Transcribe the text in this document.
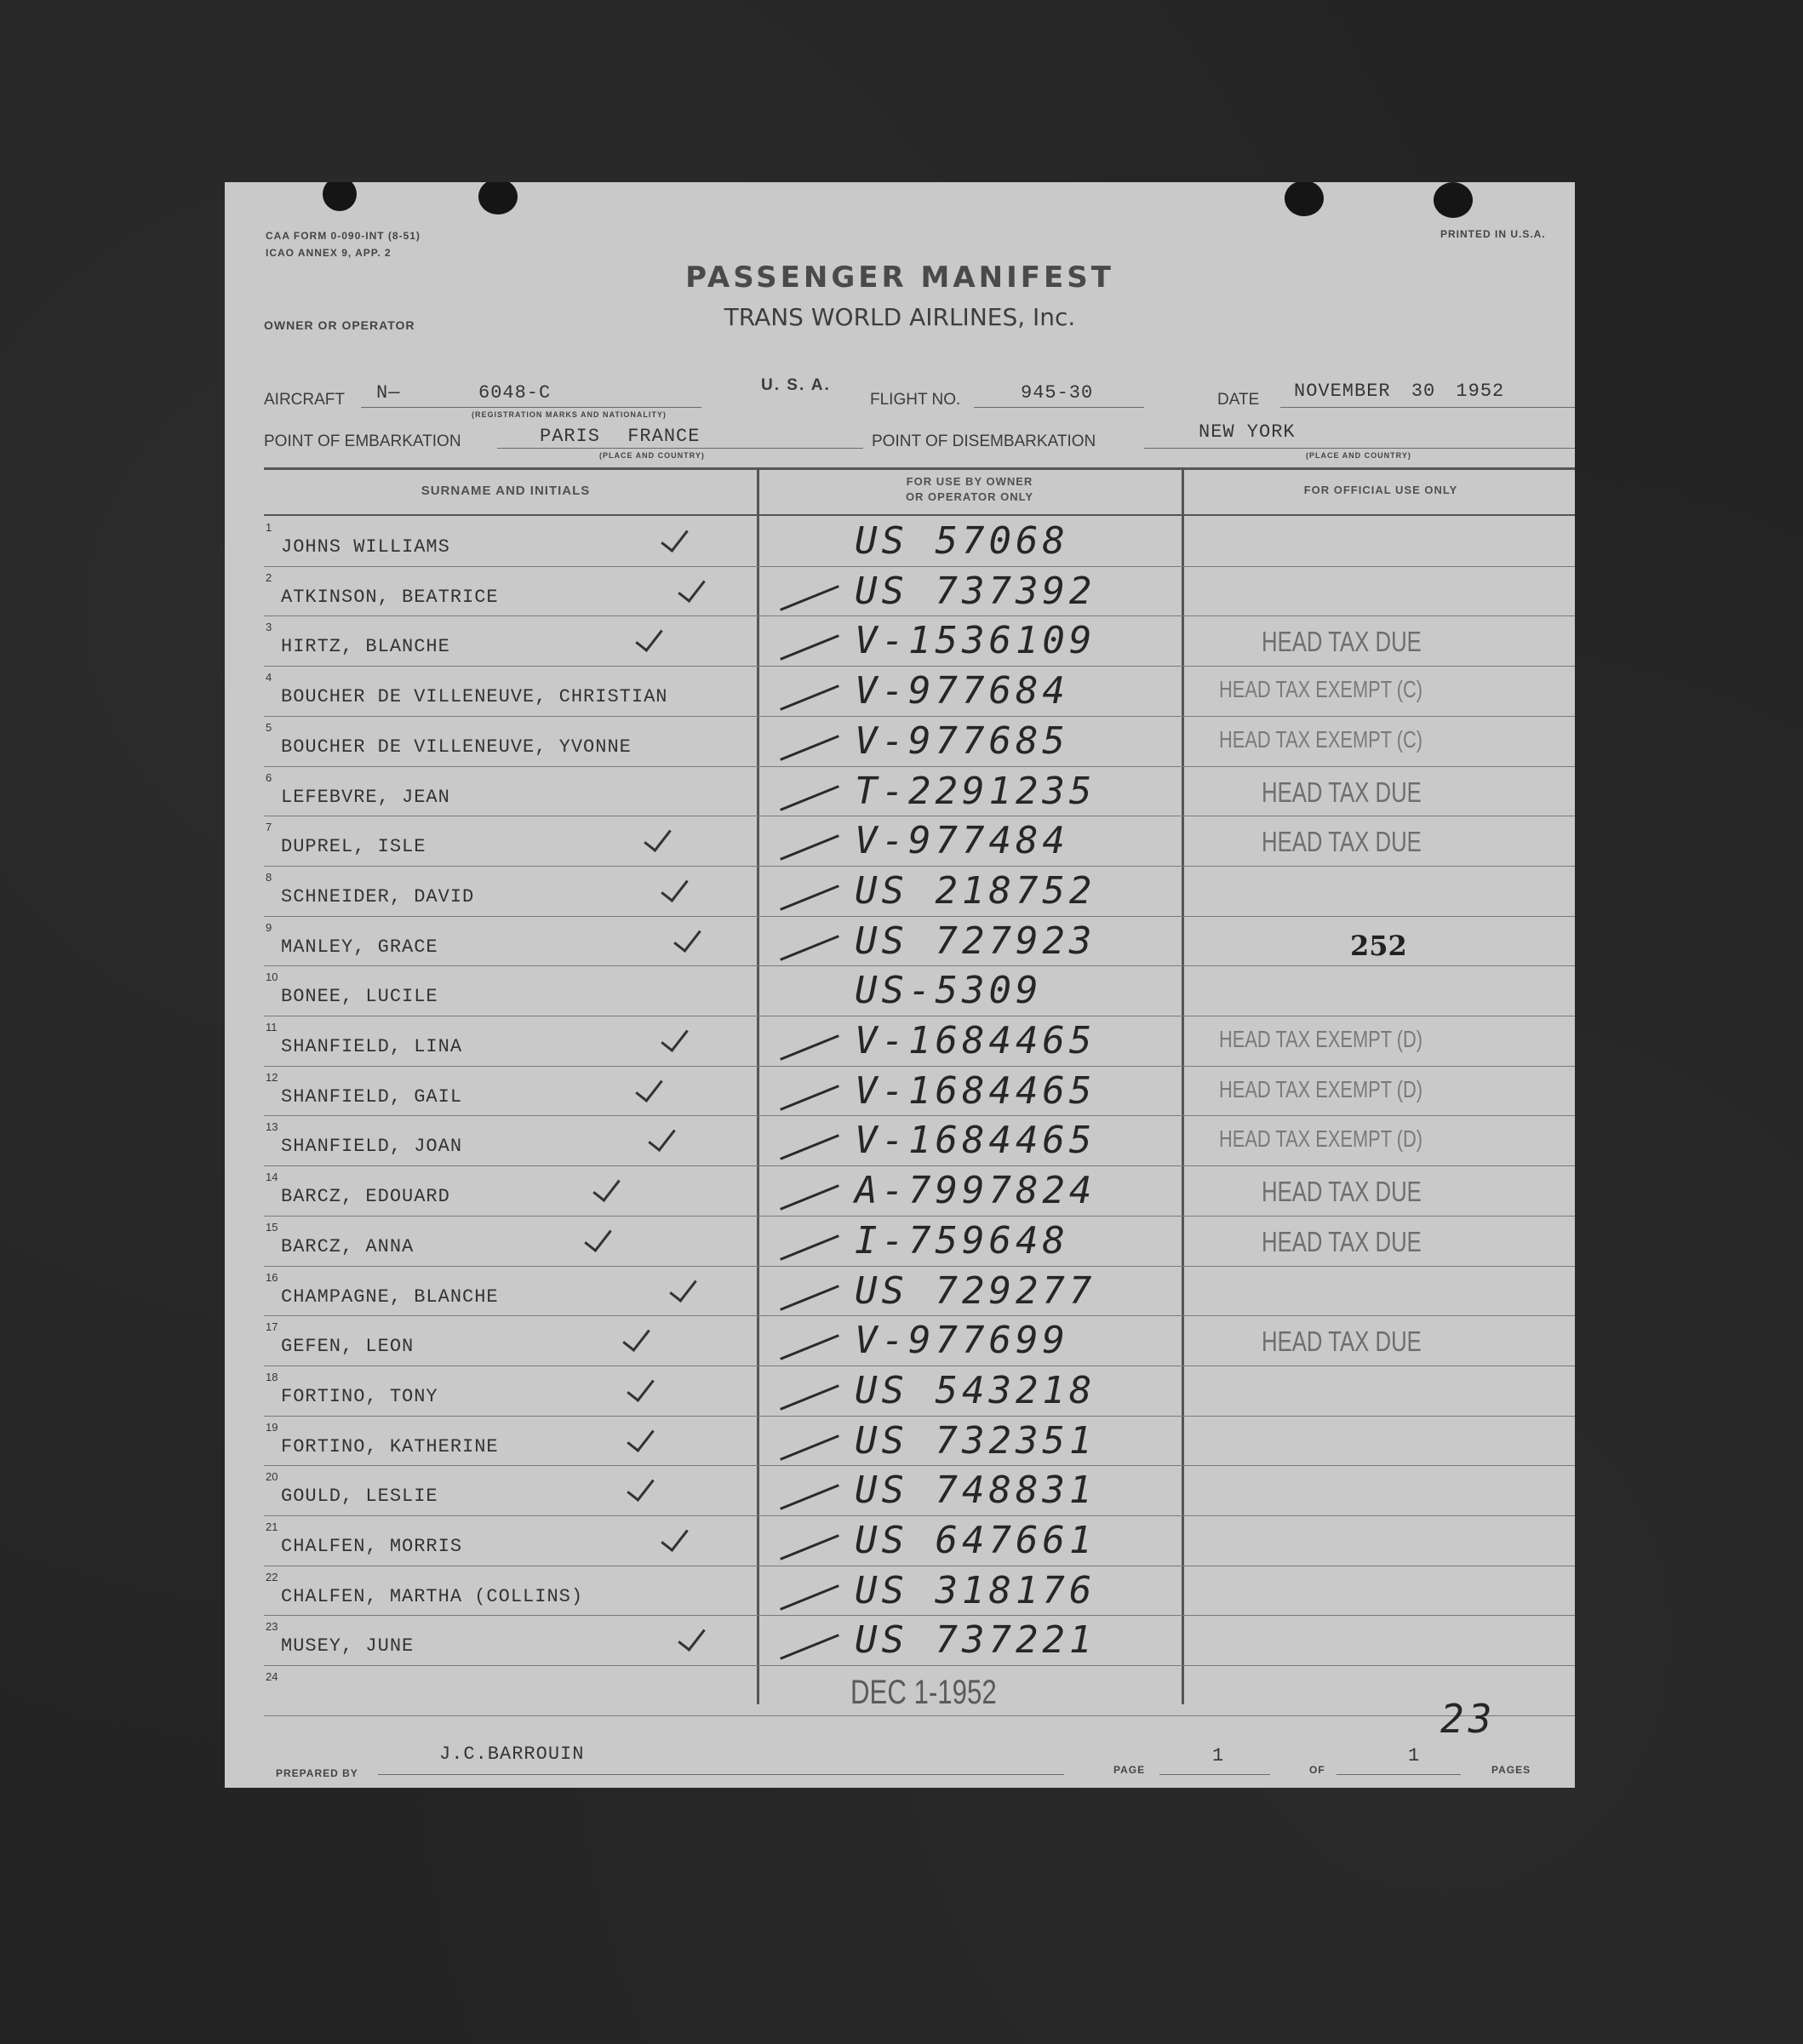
CAA FORM 0-090-INT (8-51)
ICAO ANNEX 9, APP. 2
PRINTED IN U.S.A.
PASSENGER MANIFEST
TRANS WORLD AIRLINES, Inc.
OWNER OR OPERATOR
AIRCRAFT N—	6048-C
(REGISTRATION MARKS AND NATIONALITY)
U. S. A.
FLIGHT NO.	945-30	DATE NOVEMBER 30 1952
POINT OF EMBARKATION	PARIS FRANCE
(PLACE AND COUNTRY)
POINT OF DISEMBARKATION	NEW YORK
(PLACE AND COUNTRY)
SURNAME AND INITIALS
FOR USE BY OWNER
OR OPERATOR ONLY
FOR OFFICIAL USE ONLY
1
JOHNS WILLIAMS	US 57068
2
ATKINSON, BEATRICE	US 737392
3
HIRTZ, BLANCHE	V-1536109	HEAD TAX DUE
4
BOUCHER DE VILLENEUVE, CHRISTIAN	V-977684	HEAD TAX EXEMPT (C)
5
BOUCHER DE VILLENEUVE, YVONNE	V-977685	HEAD TAX EXEMPT (C)
6
LEFEBVRE, JEAN	T-2291235	HEAD TAX DUE
7
DUPREL, ISLE	V-977484	HEAD TAX DUE
8
SCHNEIDER, DAVID	US 218752
9
MANLEY, GRACE	US 727923	252
10
BONEE, LUCILE	US-5309
11
SHANFIELD, LINA	V-1684465	HEAD TAX EXEMPT (D)
12
SHANFIELD, GAIL	V-1684465	HEAD TAX EXEMPT (D)
13
SHANFIELD, JOAN	V-1684465	HEAD TAX EXEMPT (D)
14
BARCZ, EDOUARD	A-7997824	HEAD TAX DUE
15
BARCZ, ANNA	I-759648	HEAD TAX DUE
16
CHAMPAGNE, BLANCHE	US 729277
17
GEFEN, LEON	V-977699	HEAD TAX DUE
18
FORTINO, TONY	US 543218
19
FORTINO, KATHERINE	US 732351
20
GOULD, LESLIE	US 748831
21
CHALFEN, MORRIS	US 647661
22
CHALFEN, MARTHA (COLLINS)	US 318176
23
MUSEY, JUNE	US 737221
24	DEC 1-1952
PREPARED BY
J.C.BARROUIN
PAGE
1
OF
1
PAGES
23
